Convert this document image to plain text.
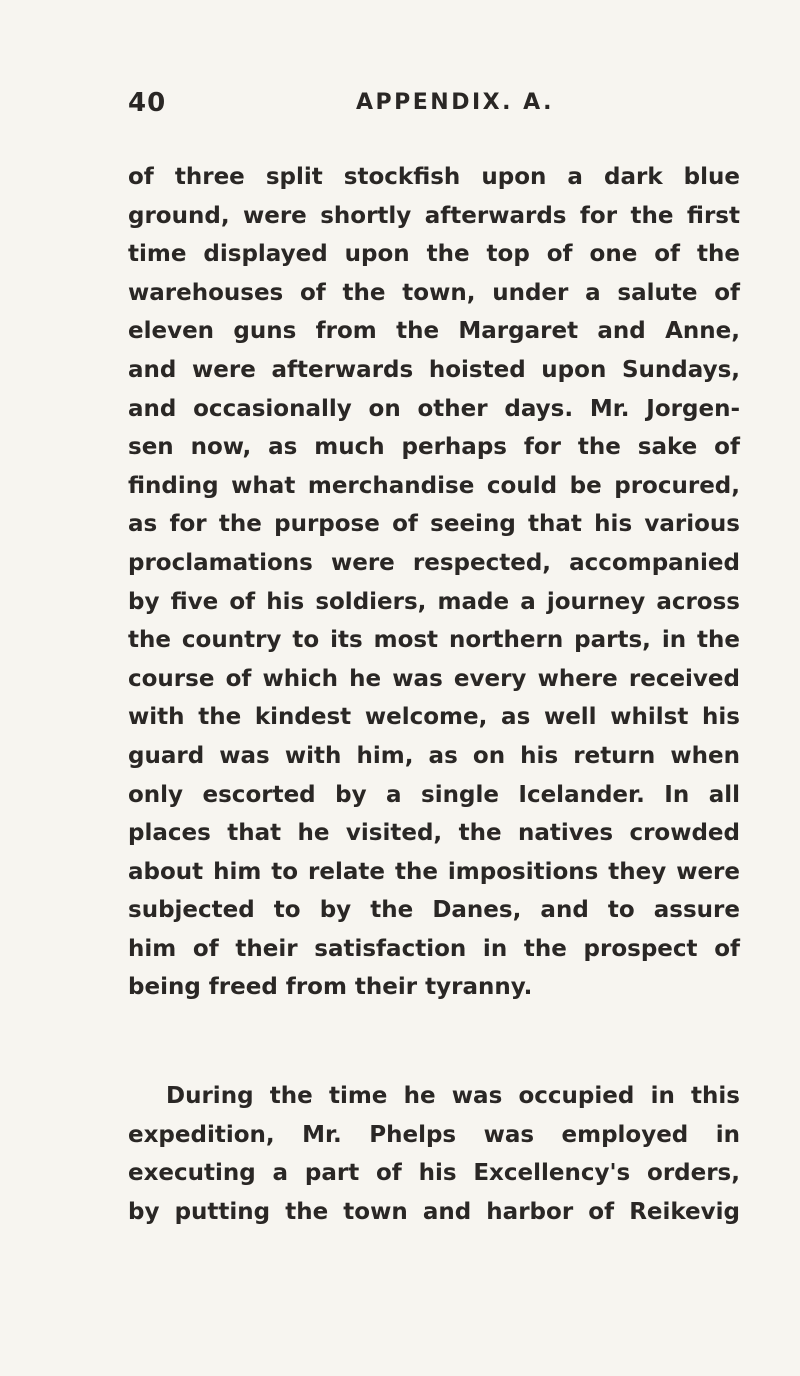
40	APPENDIX. A.
of three split stockfish upon a dark blue
ground, were shortly afterwards for the first
time displayed upon the top of one of the
warehouses of the town, under a salute of
eleven guns from the Margaret and Anne,
and were afterwards hoisted upon Sundays,
and occasionally on other days. Mr. Jorgen-
sen now, as much perhaps for the sake of
finding what merchandise could be procured,
as for the purpose of seeing that his various
proclamations were respected, accompanied
by five of his soldiers, made a journey across
the country to its most northern parts, in the
course of which he was every where received
with the kindest welcome, as well whilst his
guard was with him, as on his return when
only escorted by a single Icelander. In all
places that he visited, the natives crowded
about him to relate the impositions they were
subjected to by the Danes, and to assure
him of their satisfaction in the prospect of
being freed from their tyranny.
During the time he was occupied in this
expedition, Mr. Phelps was employed in
executing a part of his Excellency's orders,
by putting the town and harbor of Reikevig
